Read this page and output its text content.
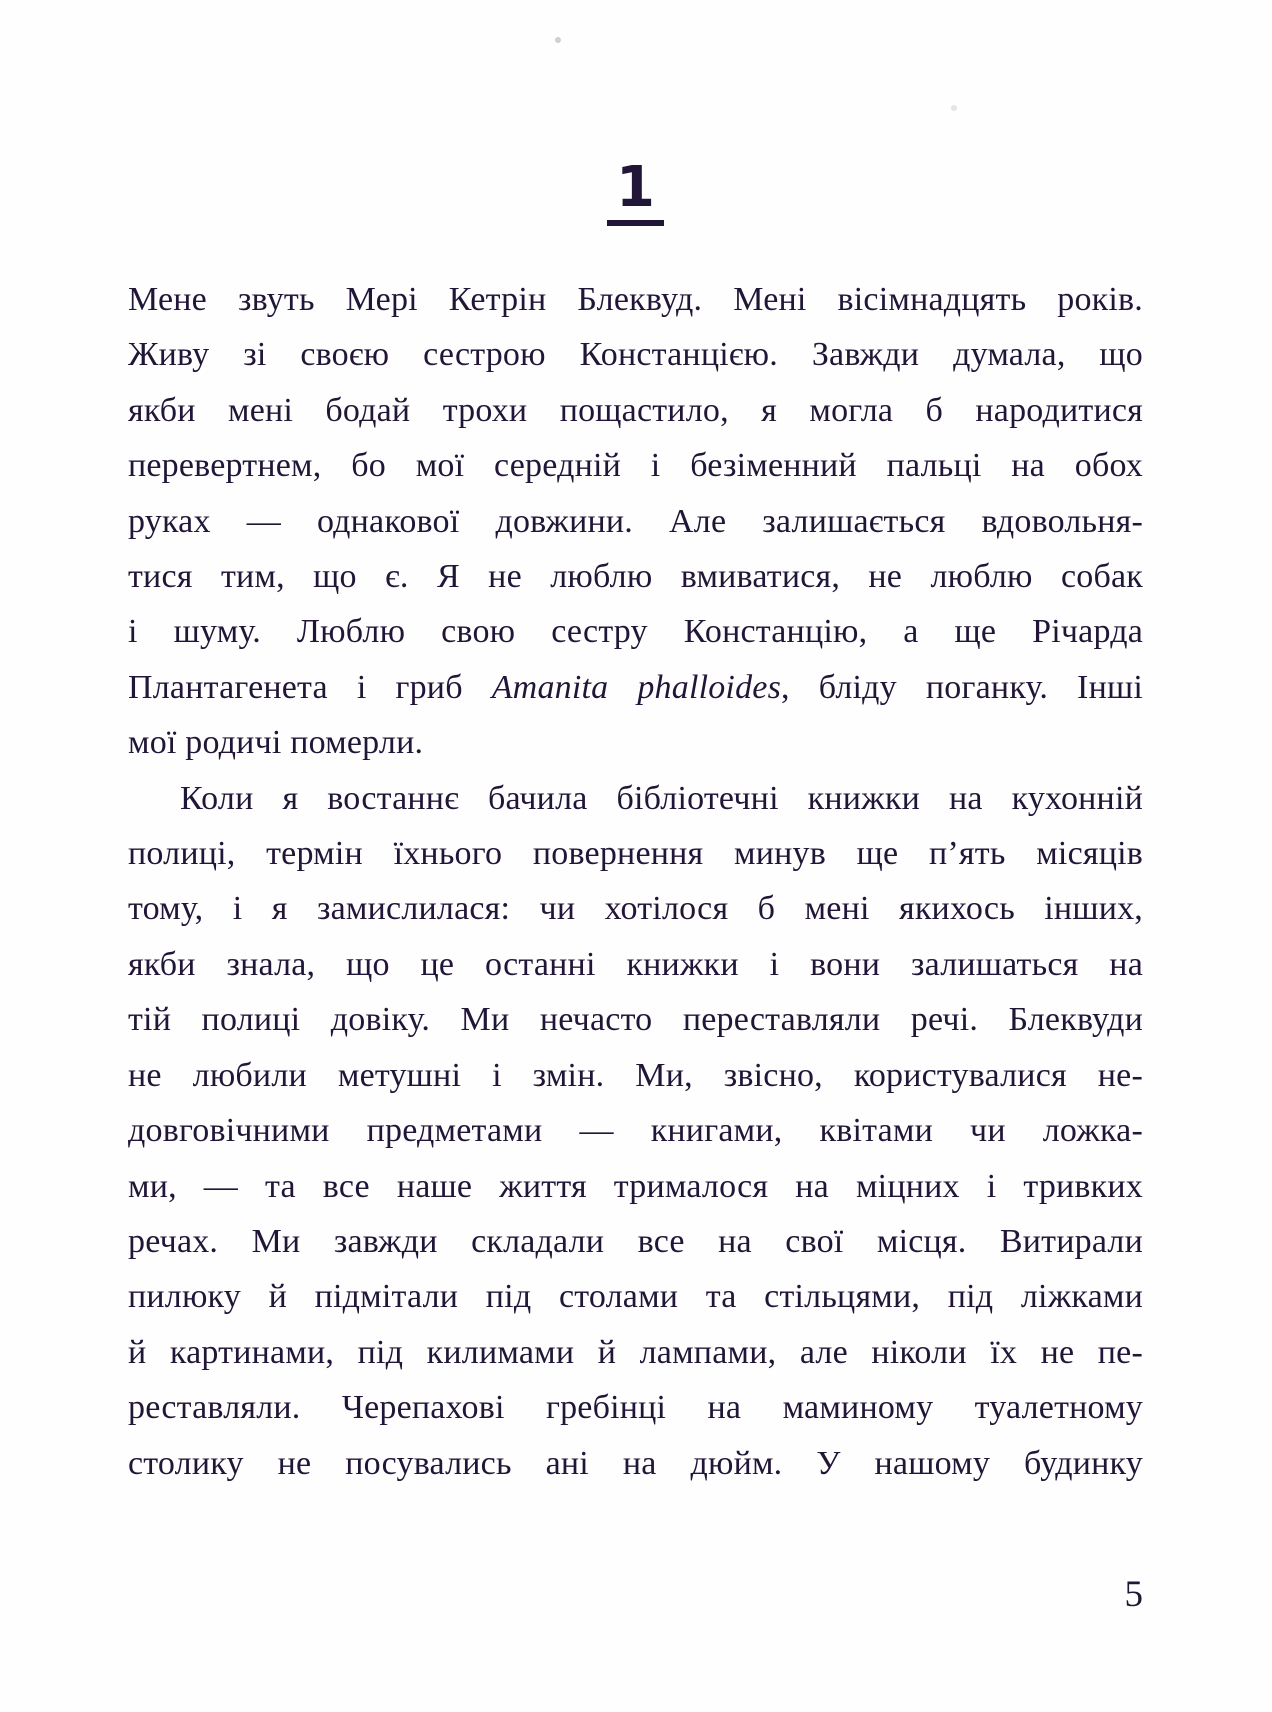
1
Мене звуть Мері Кетрін Блеквуд. Мені вісімнадцять років.
Живу зі своєю сестрою Констанцією. Завжди думала, що
якби мені бодай трохи пощастило, я могла б народитися
перевертнем, бо мої середній і безіменний пальці на обох
руках — однакової довжини. Але залишається вдовольня-
тися тим, що є. Я не люблю вмиватися, не люблю собак
і шуму. Люблю свою сестру Констанцію, а ще Річарда
Плантагенета і гриб Amanita phalloides, бліду поганку. Інші
мої родичі померли.
Коли я востаннє бачила бібліотечні книжки на кухонній
полиці, термін їхнього повернення минув ще п’ять місяців
тому, і я замислилася: чи хотілося б мені якихось інших,
якби знала, що це останні книжки і вони залишаться на
тій полиці довіку. Ми нечасто переставляли речі. Блеквуди
не любили метушні і змін. Ми, звісно, користувалися не-
довговічними предметами — книгами, квітами чи ложка-
ми, — та все наше життя трималося на міцних і тривких
речах. Ми завжди складали все на свої місця. Витирали
пилюку й підмітали під столами та стільцями, під ліжками
й картинами, під килимами й лампами, але ніколи їх не пе-
реставляли. Черепахові гребінці на маминому туалетному
столику не посувались ані на дюйм. У нашому будинку
5
